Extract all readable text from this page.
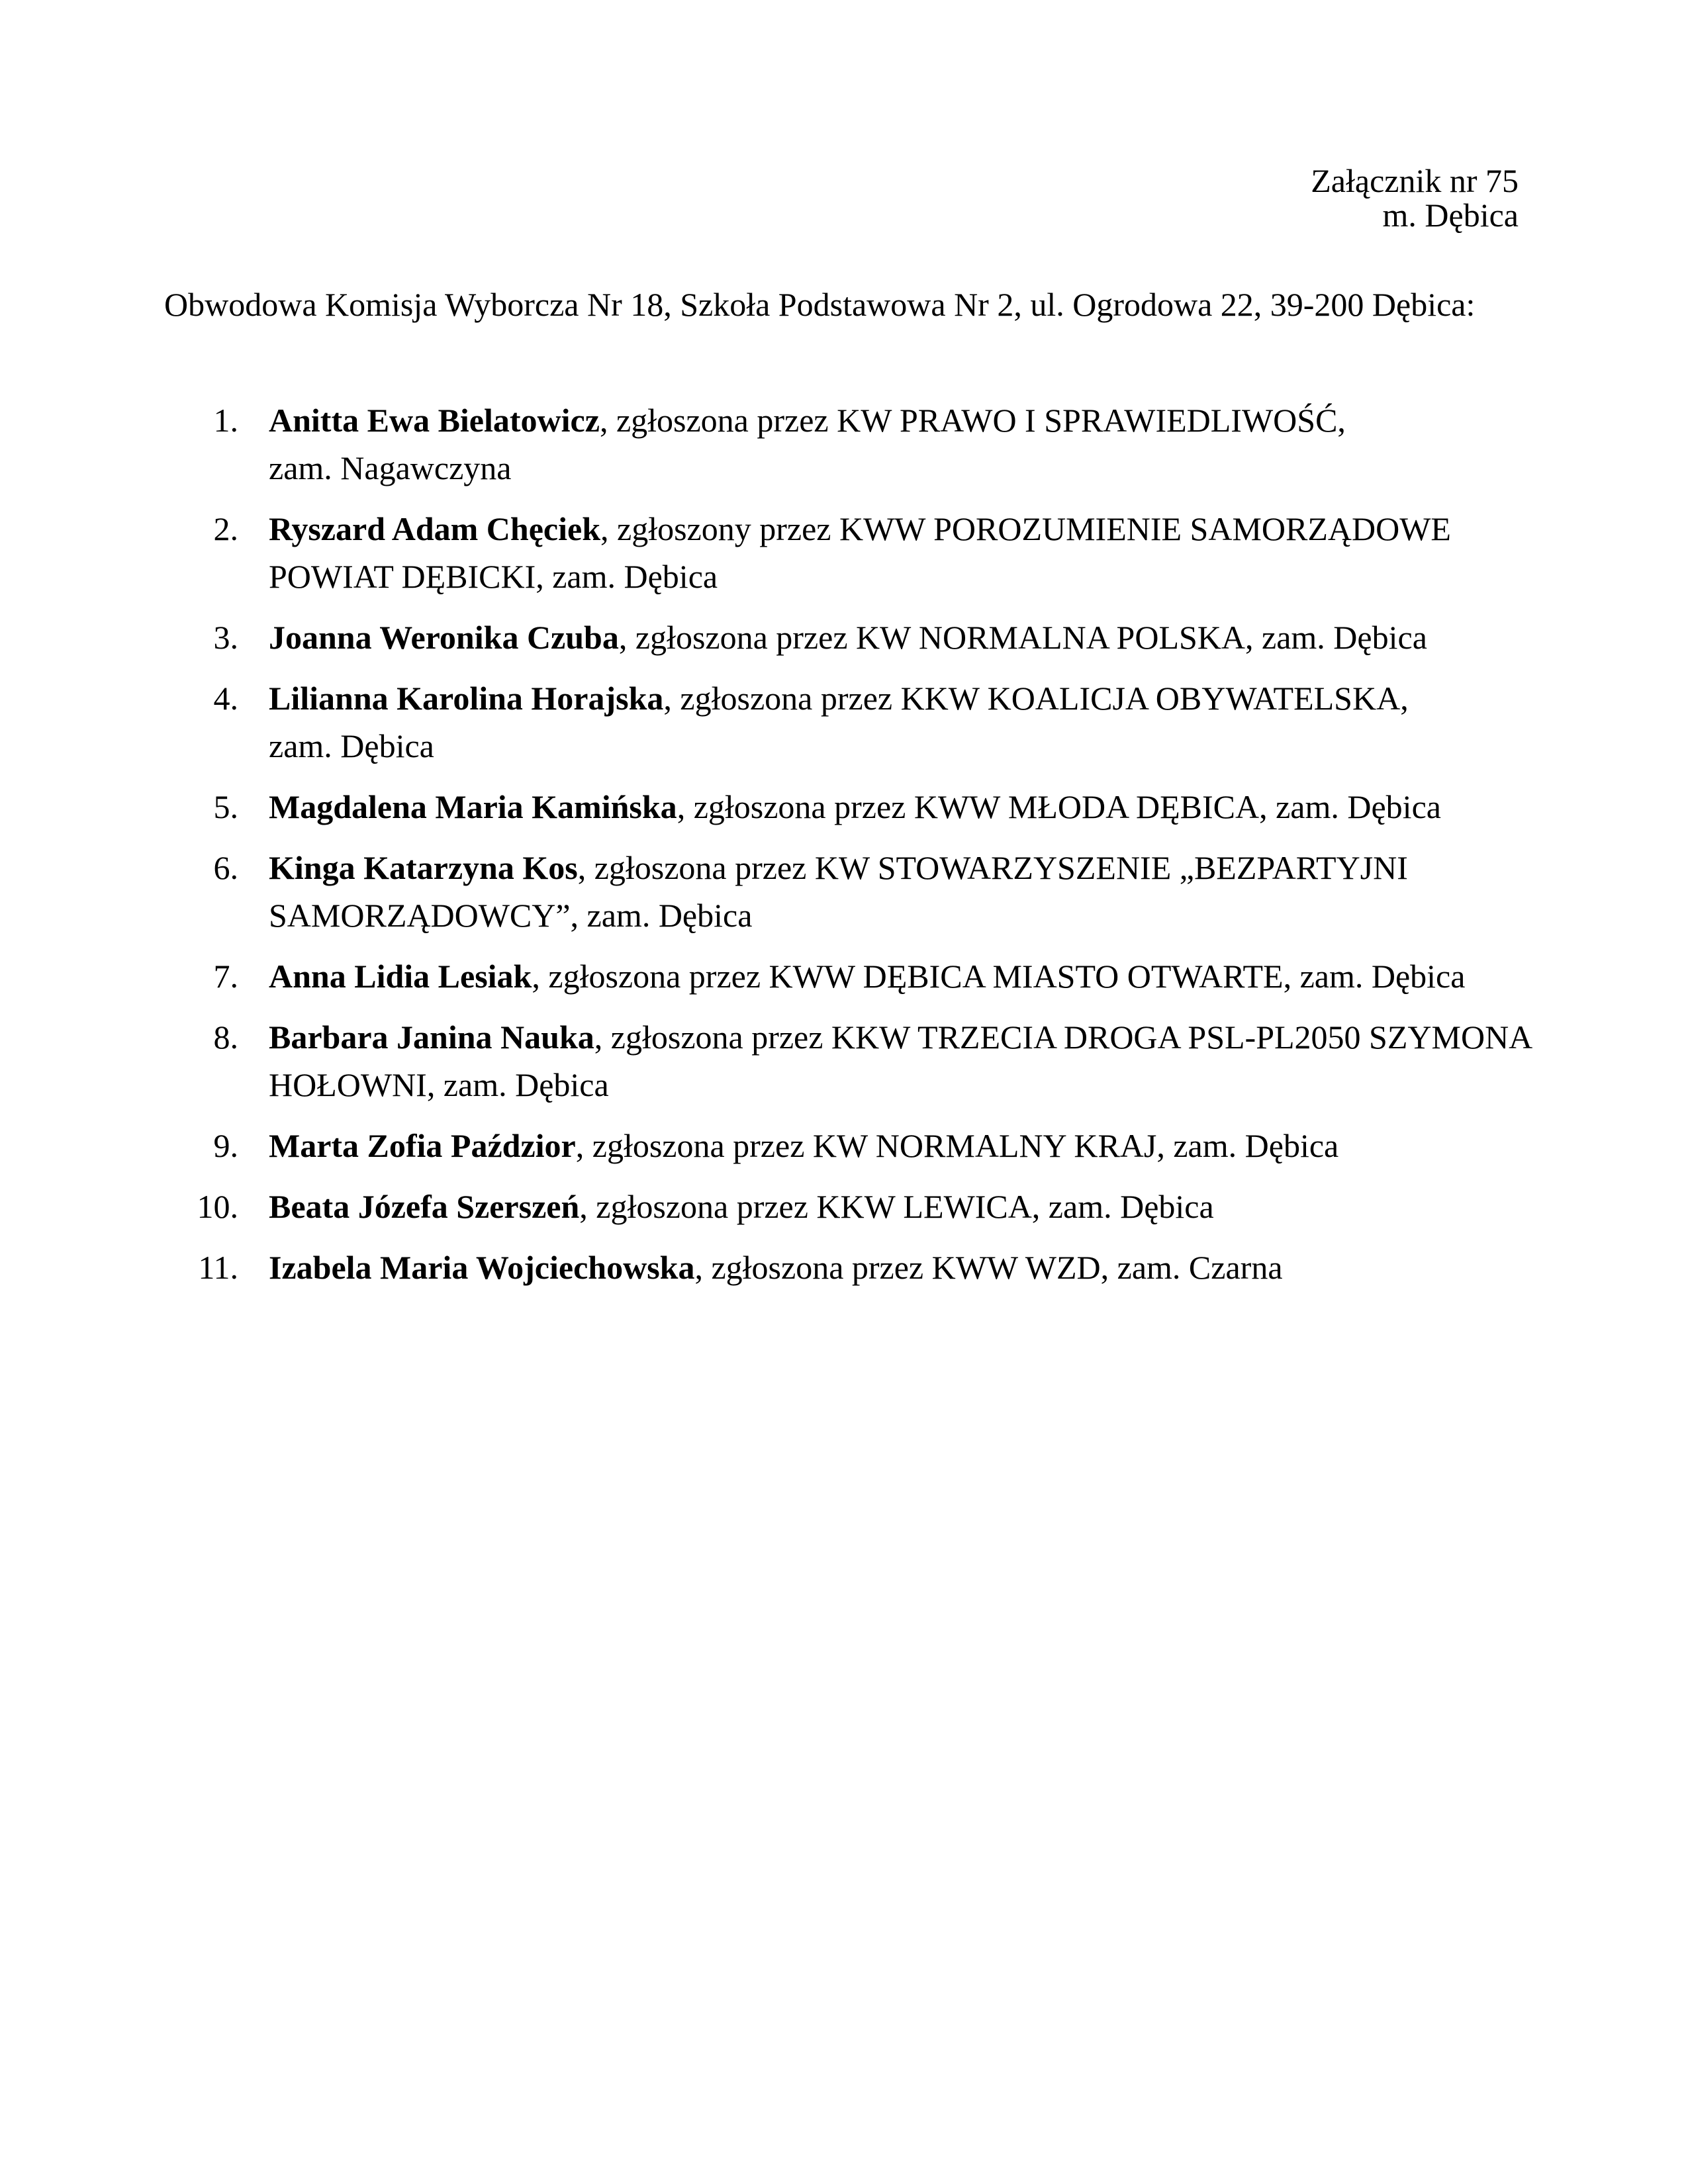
Załącznik nr 75
m. Dębica
Obwodowa Komisja Wyborcza Nr 18, Szkoła Podstawowa Nr 2, ul. Ogrodowa 22, 39-200 Dębica:
1. Anitta Ewa Bielatowicz, zgłoszona przez KW PRAWO I SPRAWIEDLIWOŚĆ,
zam. Nagawczyna
2. Ryszard Adam Chęciek, zgłoszony przez KWW POROZUMIENIE SAMORZĄDOWE
POWIAT DĘBICKI, zam. Dębica
3. Joanna Weronika Czuba, zgłoszona przez KW NORMALNA POLSKA, zam. Dębica
4. Lilianna Karolina Horajska, zgłoszona przez KKW KOALICJA OBYWATELSKA,
zam. Dębica
5. Magdalena Maria Kamińska, zgłoszona przez KWW MŁODA DĘBICA, zam. Dębica
6. Kinga Katarzyna Kos, zgłoszona przez KW STOWARZYSZENIE „BEZPARTYJNI
SAMORZĄDOWCY”, zam. Dębica
7. Anna Lidia Lesiak, zgłoszona przez KWW DĘBICA MIASTO OTWARTE, zam. Dębica
8. Barbara Janina Nauka, zgłoszona przez KKW TRZECIA DROGA PSL-PL2050 SZYMONA
HOŁOWNI, zam. Dębica
9. Marta Zofia Paździor, zgłoszona przez KW NORMALNY KRAJ, zam. Dębica
10. Beata Józefa Szerszeń, zgłoszona przez KKW LEWICA, zam. Dębica
11. Izabela Maria Wojciechowska, zgłoszona przez KWW WZD, zam. Czarna
